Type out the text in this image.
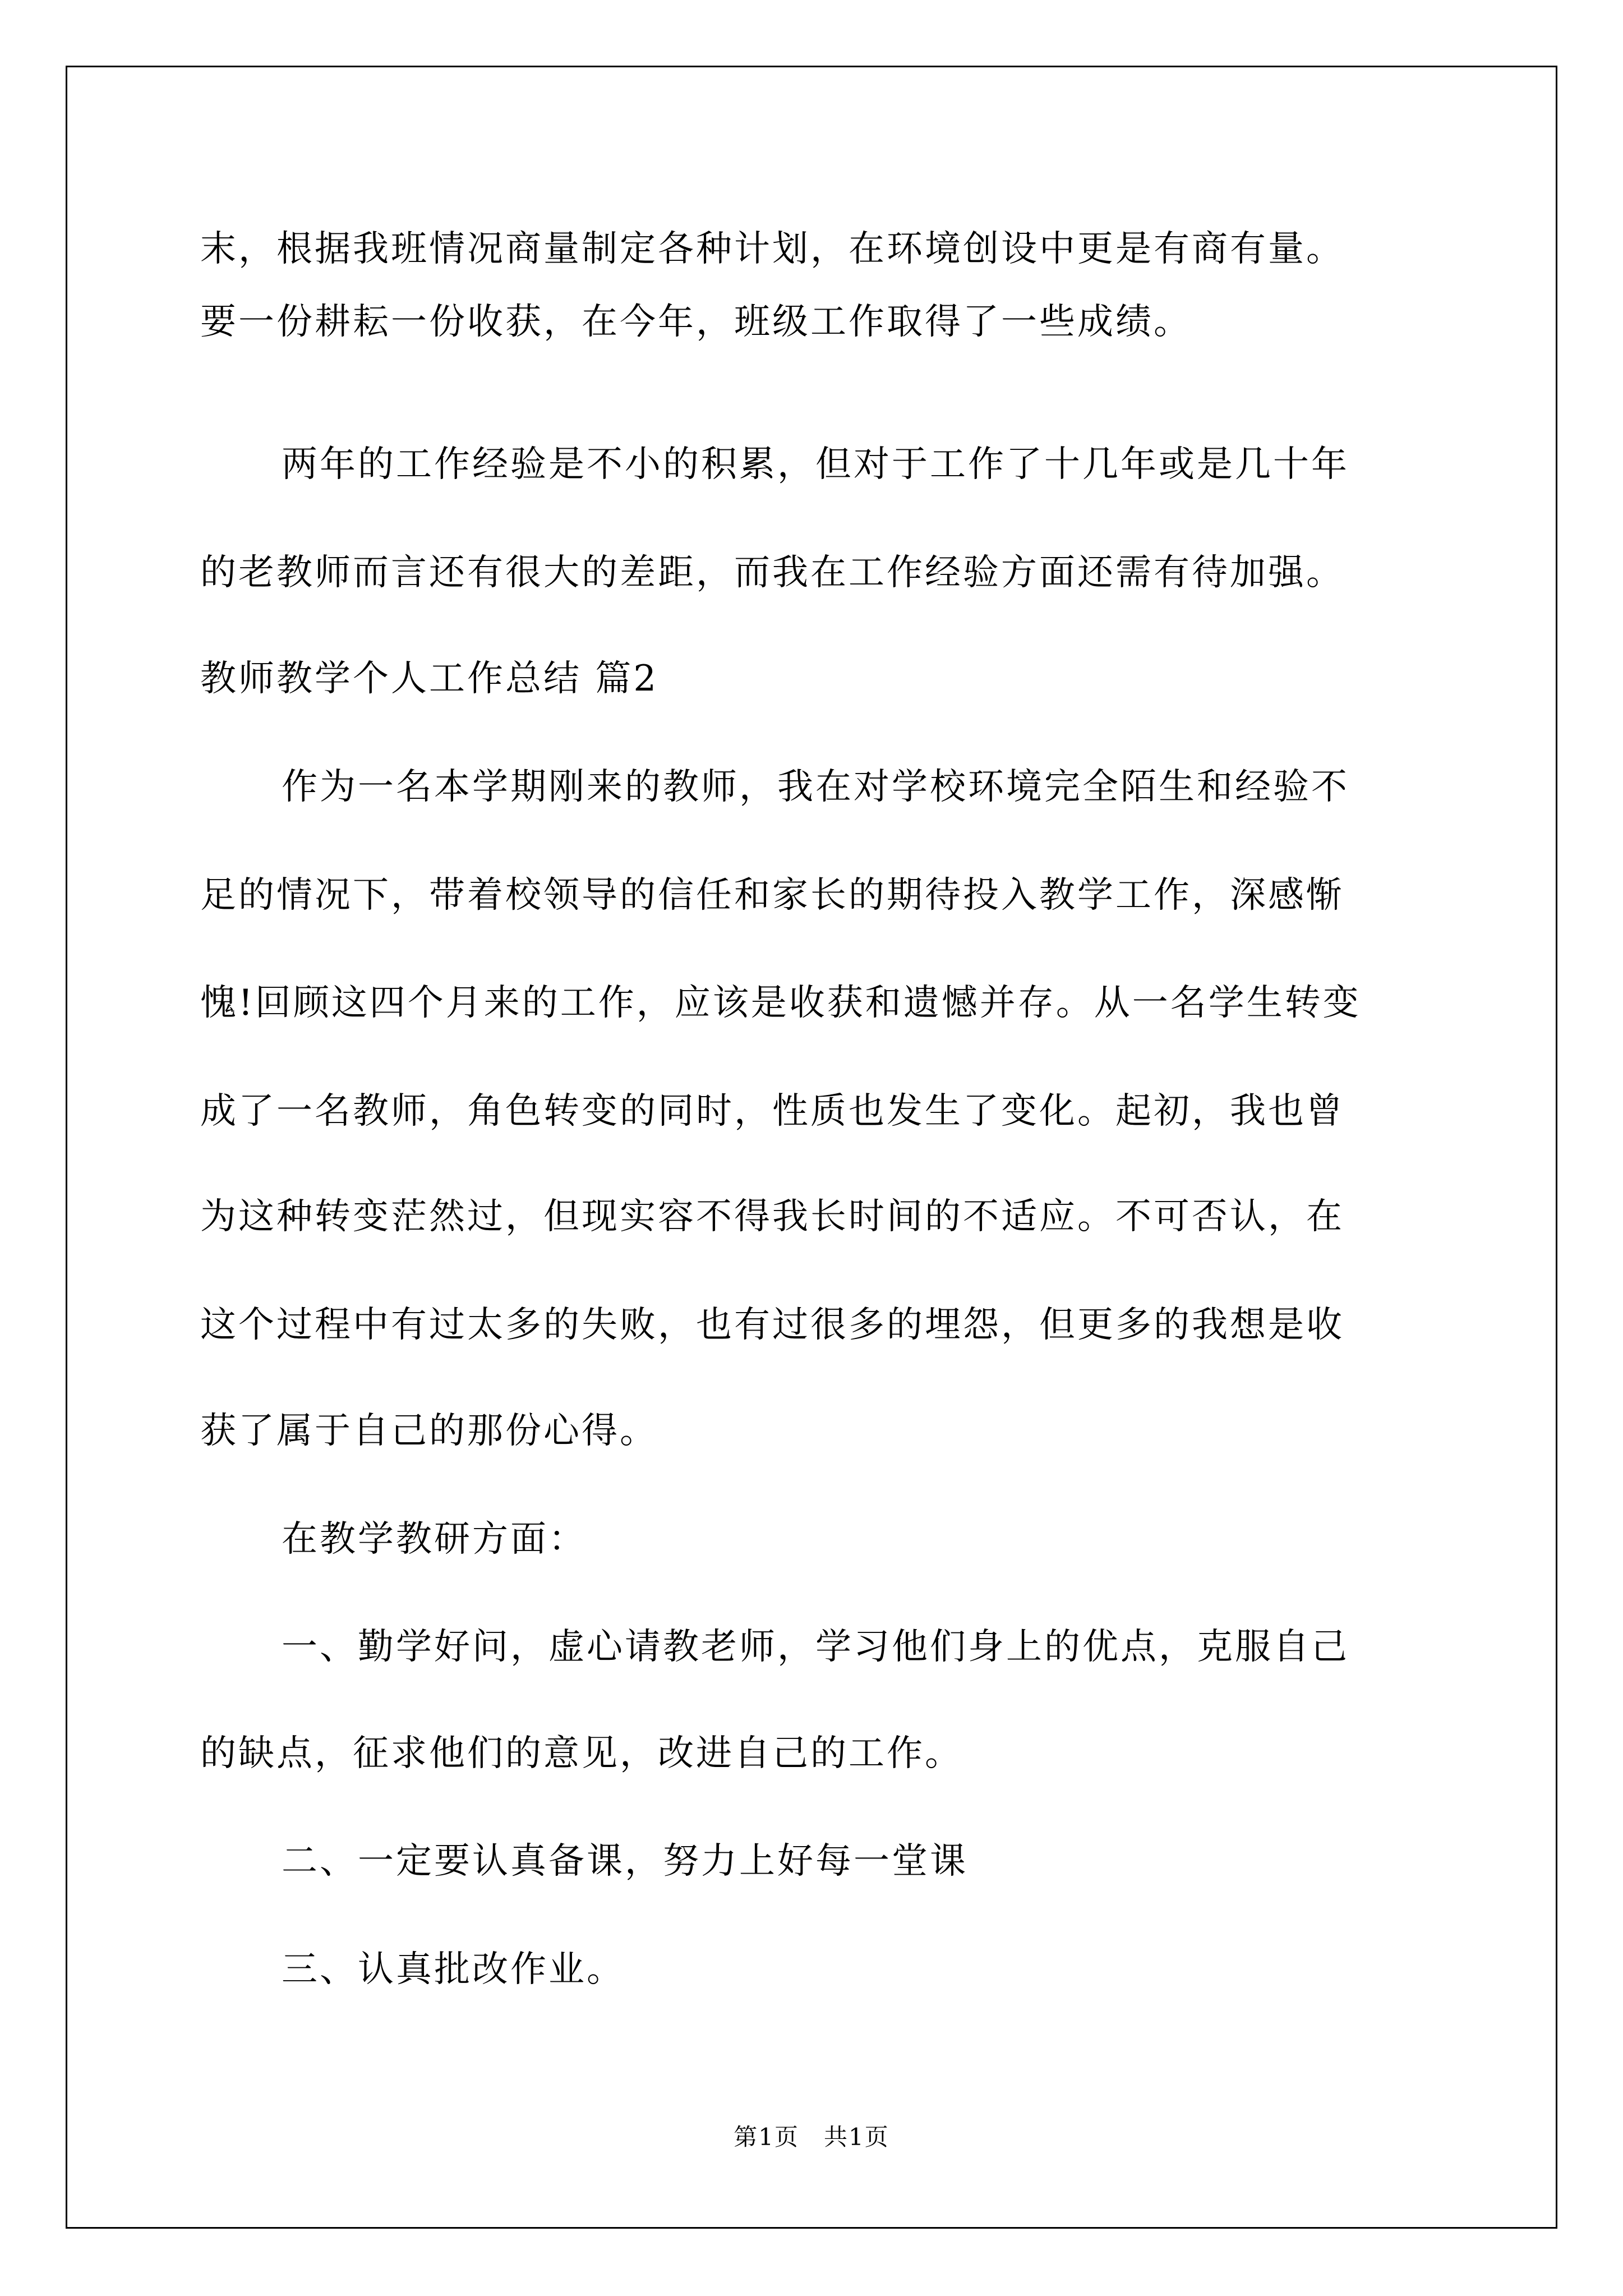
末，根据我班情况商量制定各种计划，在环境创设中更是有商有量。
要一份耕耘一份收获，在今年，班级工作取得了一些成绩。
两年的工作经验是不小的积累，但对于工作了十几年或是几十年
的老教师而言还有很大的差距，而我在工作经验方面还需有待加强。
教师教学个人工作总结 篇2
作为一名本学期刚来的教师，我在对学校环境完全陌生和经验不
足的情况下，带着校领导的信任和家长的期待投入教学工作，深感惭
愧!回顾这四个月来的工作，应该是收获和遗憾并存。从一名学生转变
成了一名教师，角色转变的同时，性质也发生了变化。起初，我也曾
为这种转变茫然过，但现实容不得我长时间的不适应。不可否认，在
这个过程中有过太多的失败，也有过很多的埋怨，但更多的我想是收
获了属于自己的那份心得。
在教学教研方面：
一、勤学好问，虚心请教老师，学习他们身上的优点，克服自己
的缺点，征求他们的意见，改进自己的工作。
二、一定要认真备课，努力上好每一堂课
三、认真批改作业。
第1页　共1页
